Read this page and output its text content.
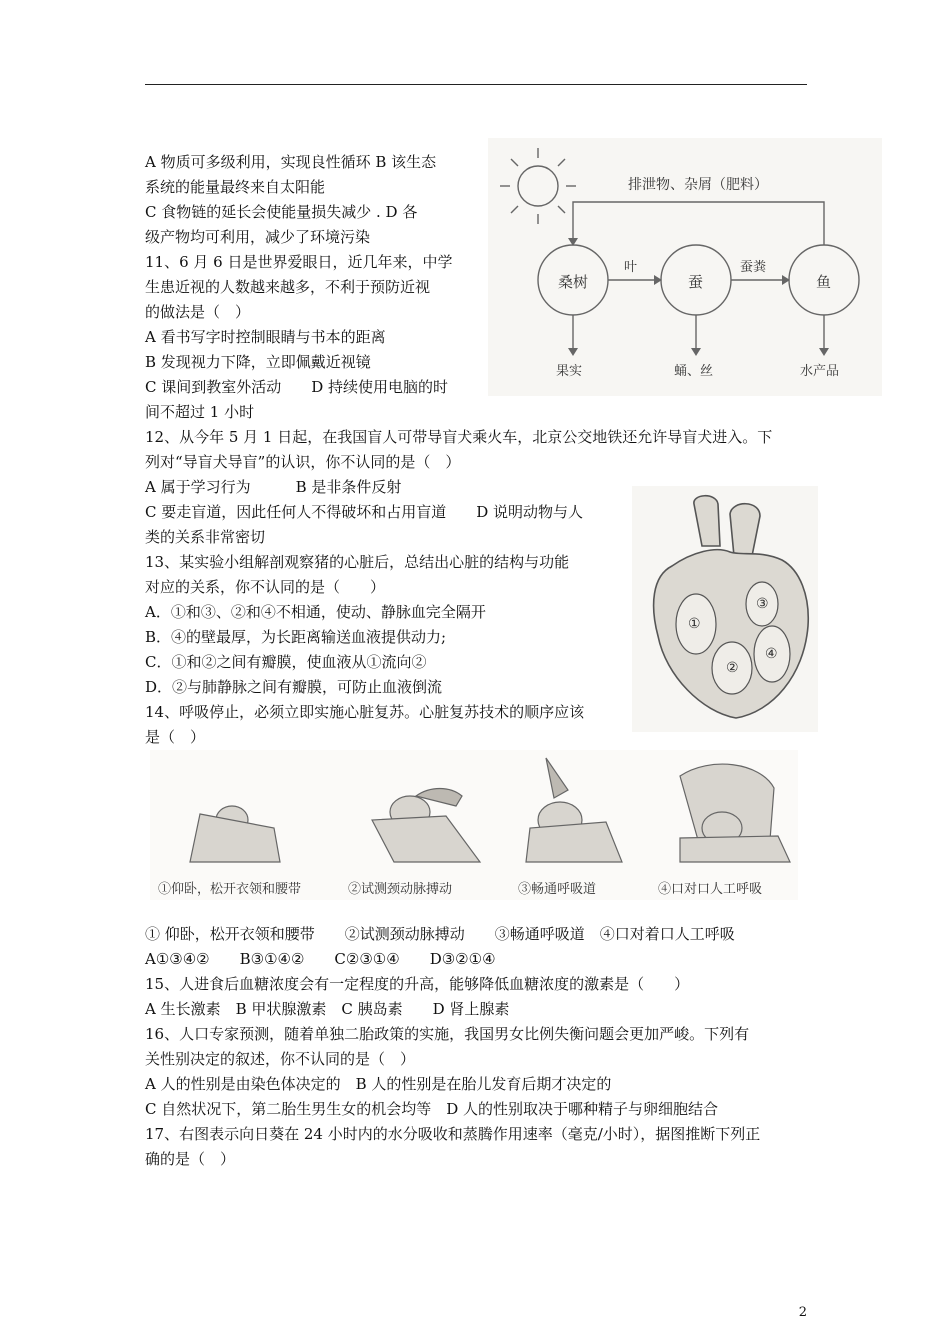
A 物质可多级利用，实现良性循环 B 该生态
系统的能量最终来自太阳能
C 食物链的延长会使能量损失减少 . D 各
级产物均可利用，减少了环境污染
11、6 月 6 日是世界爱眼日，近几年来，中学
生患近视的人数越来越多，不利于预防近视
的做法是（　）
A 看书写字时控制眼睛与书本的距离
B 发现视力下降，立即佩戴近视镜
C 课间到教室外活动　　D 持续使用电脑的时
间不超过 1 小时
12、从今年 5 月 1 日起，在我国盲人可带导盲犬乘火车，北京公交地铁还允许导盲犬进入。下
列对“导盲犬导盲”的认识，你不认同的是（　）
A 属于学习行为　　　B 是非条件反射
C 要走盲道，因此任何人不得破坏和占用盲道　　D 说明动物与人
类的关系非常密切
13、某实验小组解剖观察猪的心脏后，总结出心脏的结构与功能
对应的关系，你不认同的是（　　）
A．①和③、②和④不相通，使动、静脉血完全隔开
B．④的壁最厚，为长距离输送血液提供动力;
C．①和②之间有瓣膜，使血液从①流向②
D．②与肺静脉之间有瓣膜，可防止血液倒流
14、呼吸停止，必须立即实施心脏复苏。心脏复苏技术的顺序应该
是（　）
① 仰卧，松开衣领和腰带　　②试测颈动脉搏动　　③畅通呼吸道　④口对着口人工呼吸
A①③④②　　B③①④②　　C②③①④　　D③②①④
15、人进食后血糖浓度会有一定程度的升高，能够降低血糖浓度的激素是（　　）
A 生长激素　B 甲状腺激素　C 胰岛素　　D 肾上腺素
16、人口专家预测，随着单独二胎政策的实施，我国男女比例失衡问题会更加严峻。下列有
关性别决定的叙述，你不认同的是（　）
A 人的性别是由染色体决定的　B 人的性别是在胎儿发育后期才决定的
C 自然状况下，第二胎生男生女的机会均等　D 人的性别取决于哪种精子与卵细胞结合
17、右图表示向日葵在 24 小时内的水分吸收和蒸腾作用速率（毫克/小时），据图推断下列正
确的是（　）
排泄物、杂屑（肥料）
桑树	蚕	鱼
叶	蚕粪
果实	蛹、丝	水产品
①
②
③
④
①仰卧，松开衣领和腰带	②试测颈动脉搏动	③畅通呼吸道	④口对口人工呼吸
2
